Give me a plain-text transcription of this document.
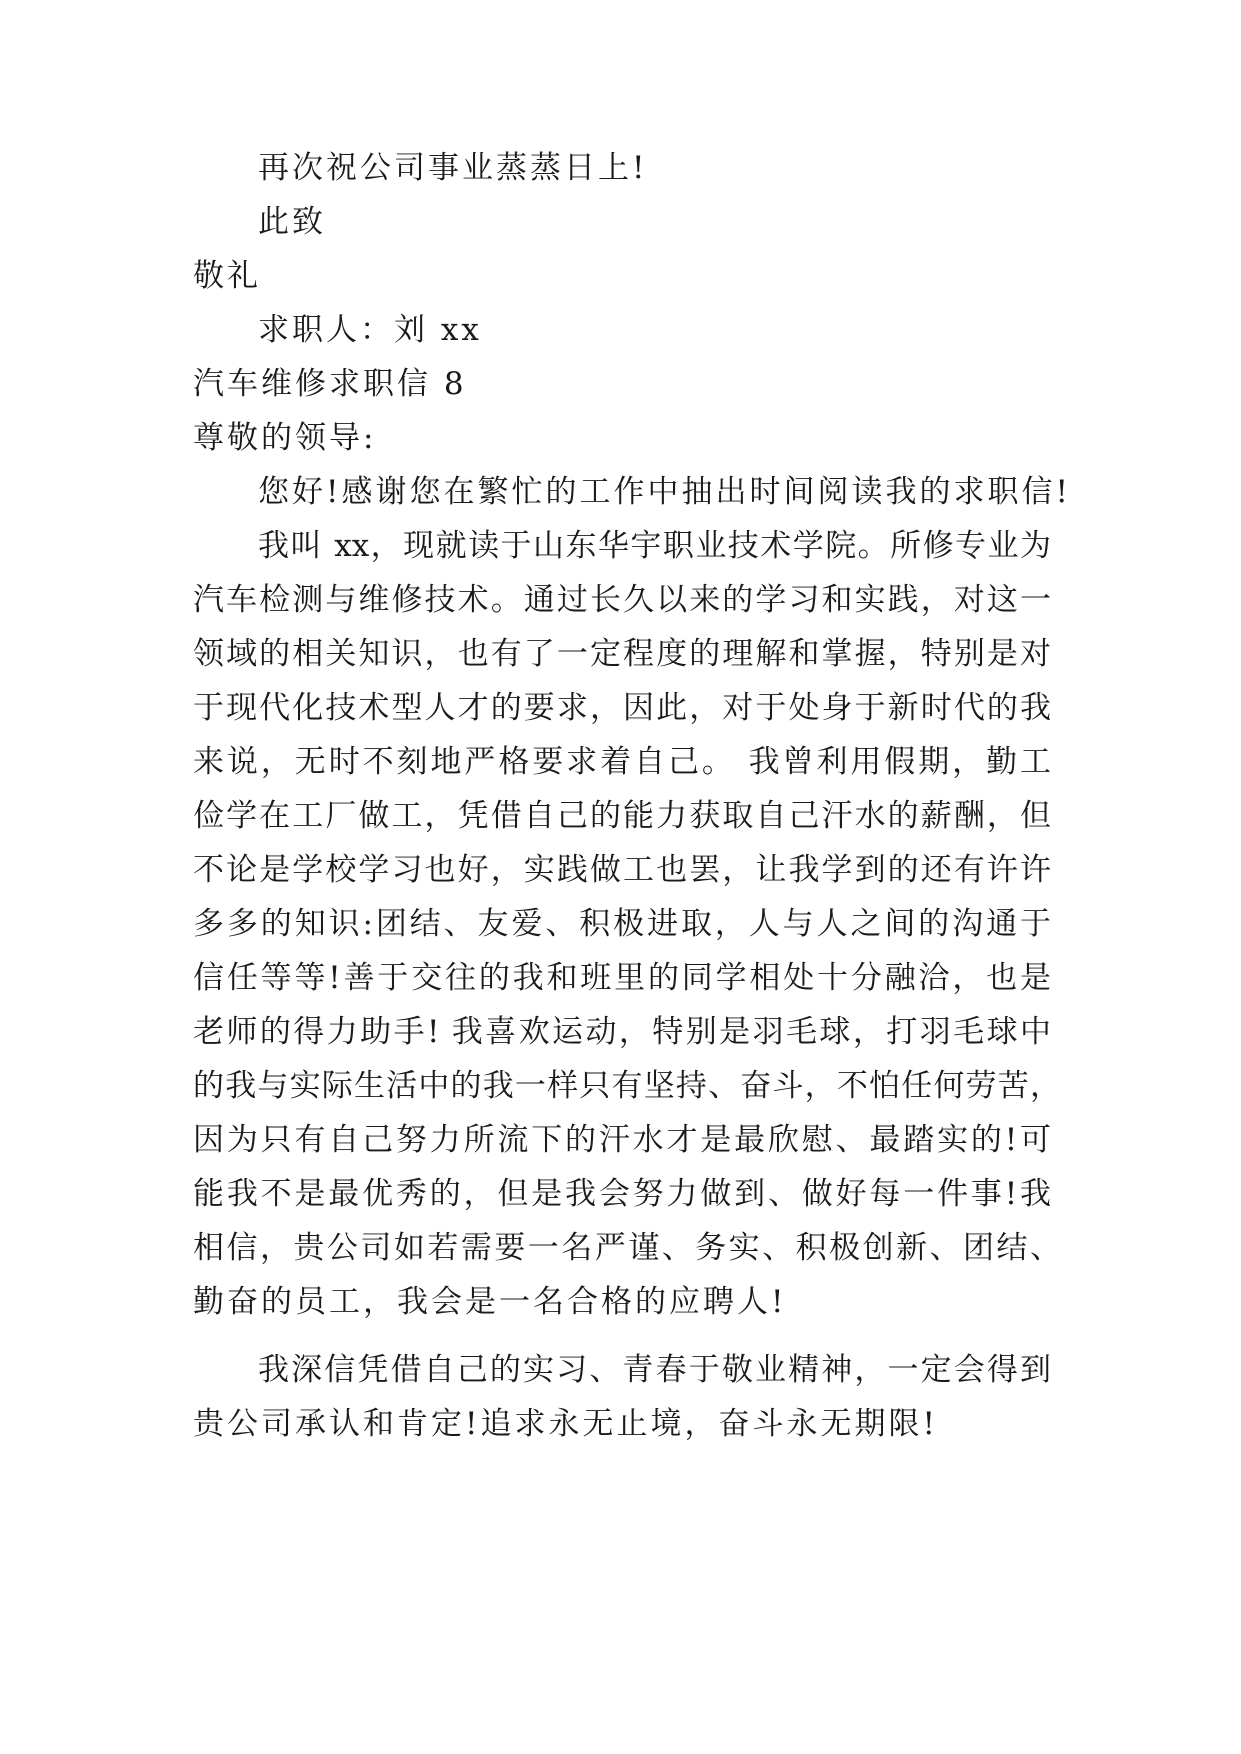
再次祝公司事业蒸蒸日上!
此致
敬礼
求职人：刘 xx
汽车维修求职信 8
尊敬的领导:
您好!感谢您在繁忙的工作中抽出时间阅读我的求职信!
我叫 xx，现就读于山东华宇职业技术学院。所修专业为
汽车检测与维修技术。通过长久以来的学习和实践，对这一
领域的相关知识，也有了一定程度的理解和掌握，特别是对
于现代化技术型人才的要求，因此，对于处身于新时代的我
来说，无时不刻地严格要求着自己。 我曾利用假期，勤工
俭学在工厂做工，凭借自己的能力获取自己汗水的薪酬，但
不论是学校学习也好，实践做工也罢，让我学到的还有许许
多多的知识:团结、友爱、积极进取，人与人之间的沟通于
信任等等!善于交往的我和班里的同学相处十分融洽，也是
老师的得力助手! 我喜欢运动，特别是羽毛球，打羽毛球中
的我与实际生活中的我一样只有坚持、奋斗，不怕任何劳苦，
因为只有自己努力所流下的汗水才是最欣慰、最踏实的!可
能我不是最优秀的，但是我会努力做到、做好每一件事!我
相信，贵公司如若需要一名严谨、务实、积极创新、团结、
勤奋的员工，我会是一名合格的应聘人!
我深信凭借自己的实习、青春于敬业精神，一定会得到
贵公司承认和肯定!追求永无止境，奋斗永无期限!
